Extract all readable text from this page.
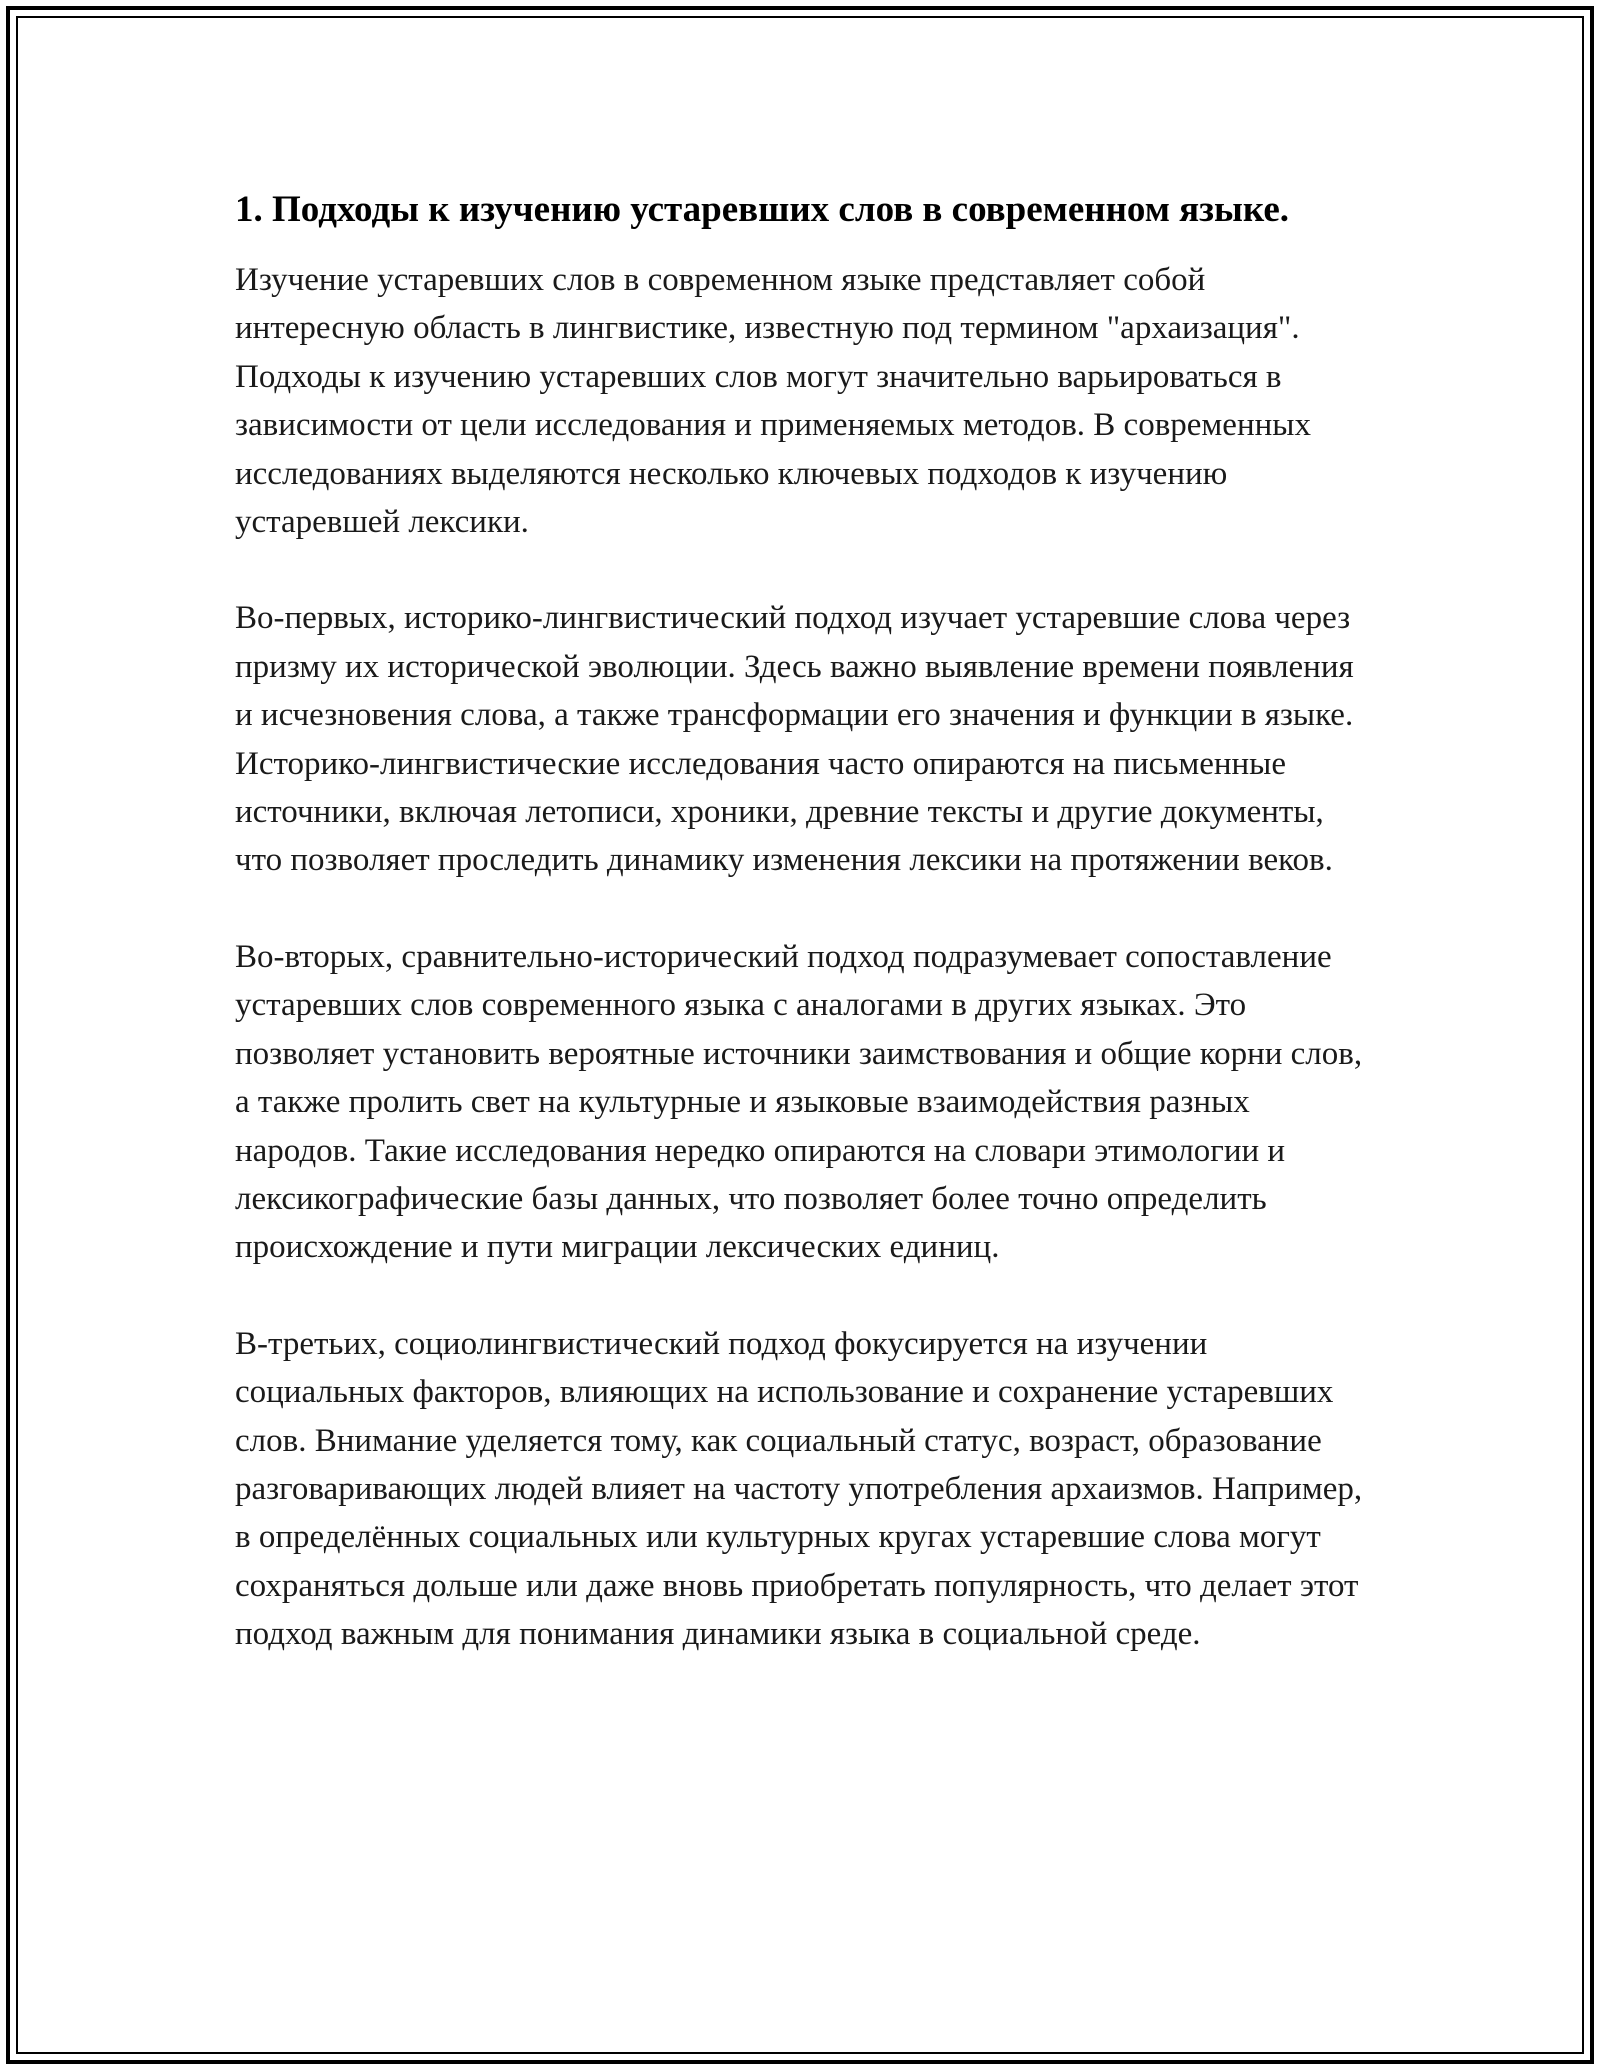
1. Подходы к изучению устаревших слов в современном языке.

Изучение устаревших слов в современном языке представляет собой интересную область в лингвистике, известную под термином "архаизация". Подходы к изучению устаревших слов могут значительно варьироваться в зависимости от цели исследования и применяемых методов. В современных исследованиях выделяются несколько ключевых подходов к изучению устаревшей лексики.

Во-первых, историко-лингвистический подход изучает устаревшие слова через призму их исторической эволюции. Здесь важно выявление времени появления и исчезновения слова, а также трансформации его значения и функции в языке. Историко-лингвистические исследования часто опираются на письменные источники, включая летописи, хроники, древние тексты и другие документы, что позволяет проследить динамику изменения лексики на протяжении веков.

Во-вторых, сравнительно-исторический подход подразумевает сопоставление устаревших слов современного языка с аналогами в других языках. Это позволяет установить вероятные источники заимствования и общие корни слов, а также пролить свет на культурные и языковые взаимодействия разных народов. Такие исследования нередко опираются на словари этимологии и лексикографические базы данных, что позволяет более точно определить происхождение и пути миграции лексических единиц.

В-третьих, социолингвистический подход фокусируется на изучении социальных факторов, влияющих на использование и сохранение устаревших слов. Внимание уделяется тому, как социальный статус, возраст, образование разговаривающих людей влияет на частоту употребления архаизмов. Например, в определённых социальных или культурных кругах устаревшие слова могут сохраняться дольше или даже вновь приобретать популярность, что делает этот подход важным для понимания динамики языка в социальной среде.
